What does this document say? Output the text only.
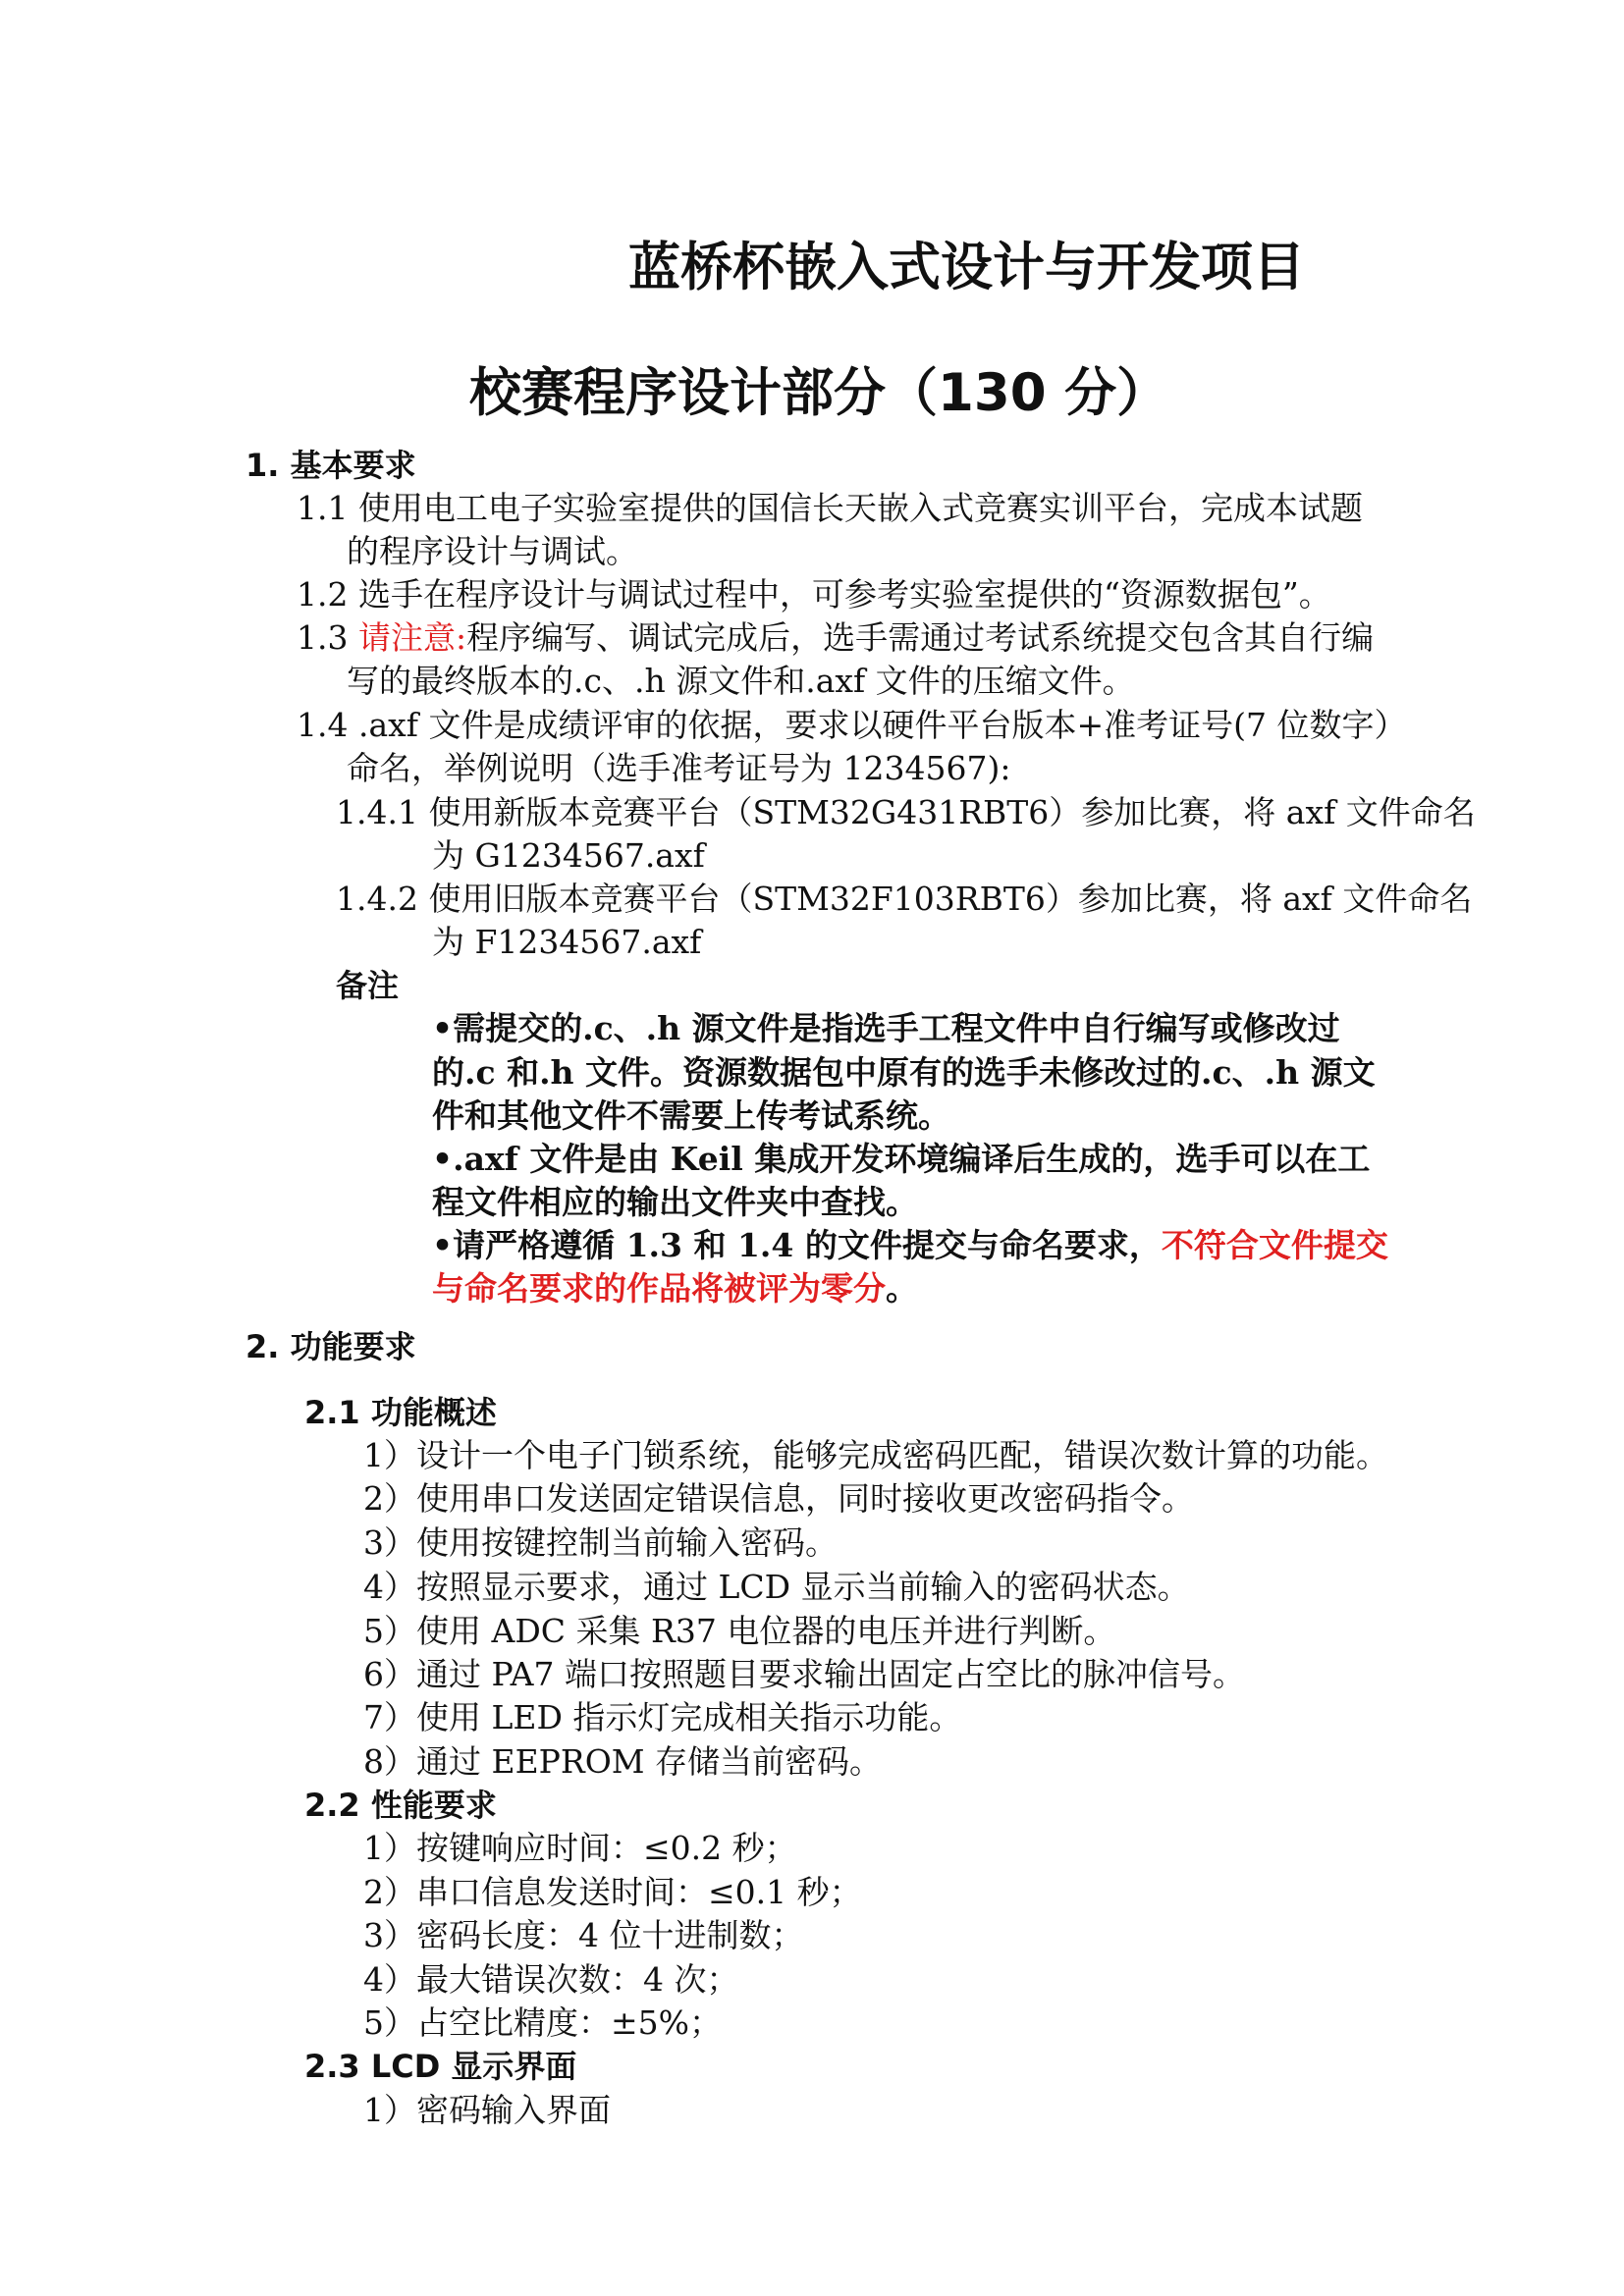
蓝桥杯嵌入式设计与开发项目
校赛程序设计部分（130 分）
1. 基本要求
1.1 使用电工电子实验室提供的国信长天嵌入式竞赛实训平台，完成本试题
的程序设计与调试。
1.2 选手在程序设计与调试过程中，可参考实验室提供的“资源数据包”。
1.3 请注意:程序编写、调试完成后，选手需通过考试系统提交包含其自行编
写的最终版本的.c、.h 源文件和.axf 文件的压缩文件。
1.4 .axf 文件是成绩评审的依据，要求以硬件平台版本+准考证号(7 位数字）
命名，举例说明（选手准考证号为 1234567):
1.4.1 使用新版本竞赛平台（STM32G431RBT6）参加比赛，将 axf 文件命名
为 G1234567.axf
1.4.2 使用旧版本竞赛平台（STM32F103RBT6）参加比赛，将 axf 文件命名
为 F1234567.axf
备注
•需提交的.c、.h 源文件是指选手工程文件中自行编写或修改过
的.c 和.h 文件。资源数据包中原有的选手未修改过的.c、.h 源文
件和其他文件不需要上传考试系统。
•.axf 文件是由 Keil 集成开发环境编译后生成的，选手可以在工
程文件相应的输出文件夹中查找。
•请严格遵循 1.3 和 1.4 的文件提交与命名要求，不符合文件提交
与命名要求的作品将被评为零分。
2. 功能要求
2.1 功能概述
1）设计一个电子门锁系统，能够完成密码匹配，错误次数计算的功能。
2）使用串口发送固定错误信息，同时接收更改密码指令。
3）使用按键控制当前输入密码。
4）按照显示要求，通过 LCD 显示当前输入的密码状态。
5）使用 ADC 采集 R37 电位器的电压并进行判断。
6）通过 PA7 端口按照题目要求输出固定占空比的脉冲信号。
7）使用 LED 指示灯完成相关指示功能。
8）通过 EEPROM 存储当前密码。
2.2 性能要求
1）按键响应时间：≤0.2 秒；
2）串口信息发送时间：≤0.1 秒；
3）密码长度：4 位十进制数；
4）最大错误次数：4 次；
5）占空比精度：±5%；
2.3 LCD 显示界面
1）密码输入界面
